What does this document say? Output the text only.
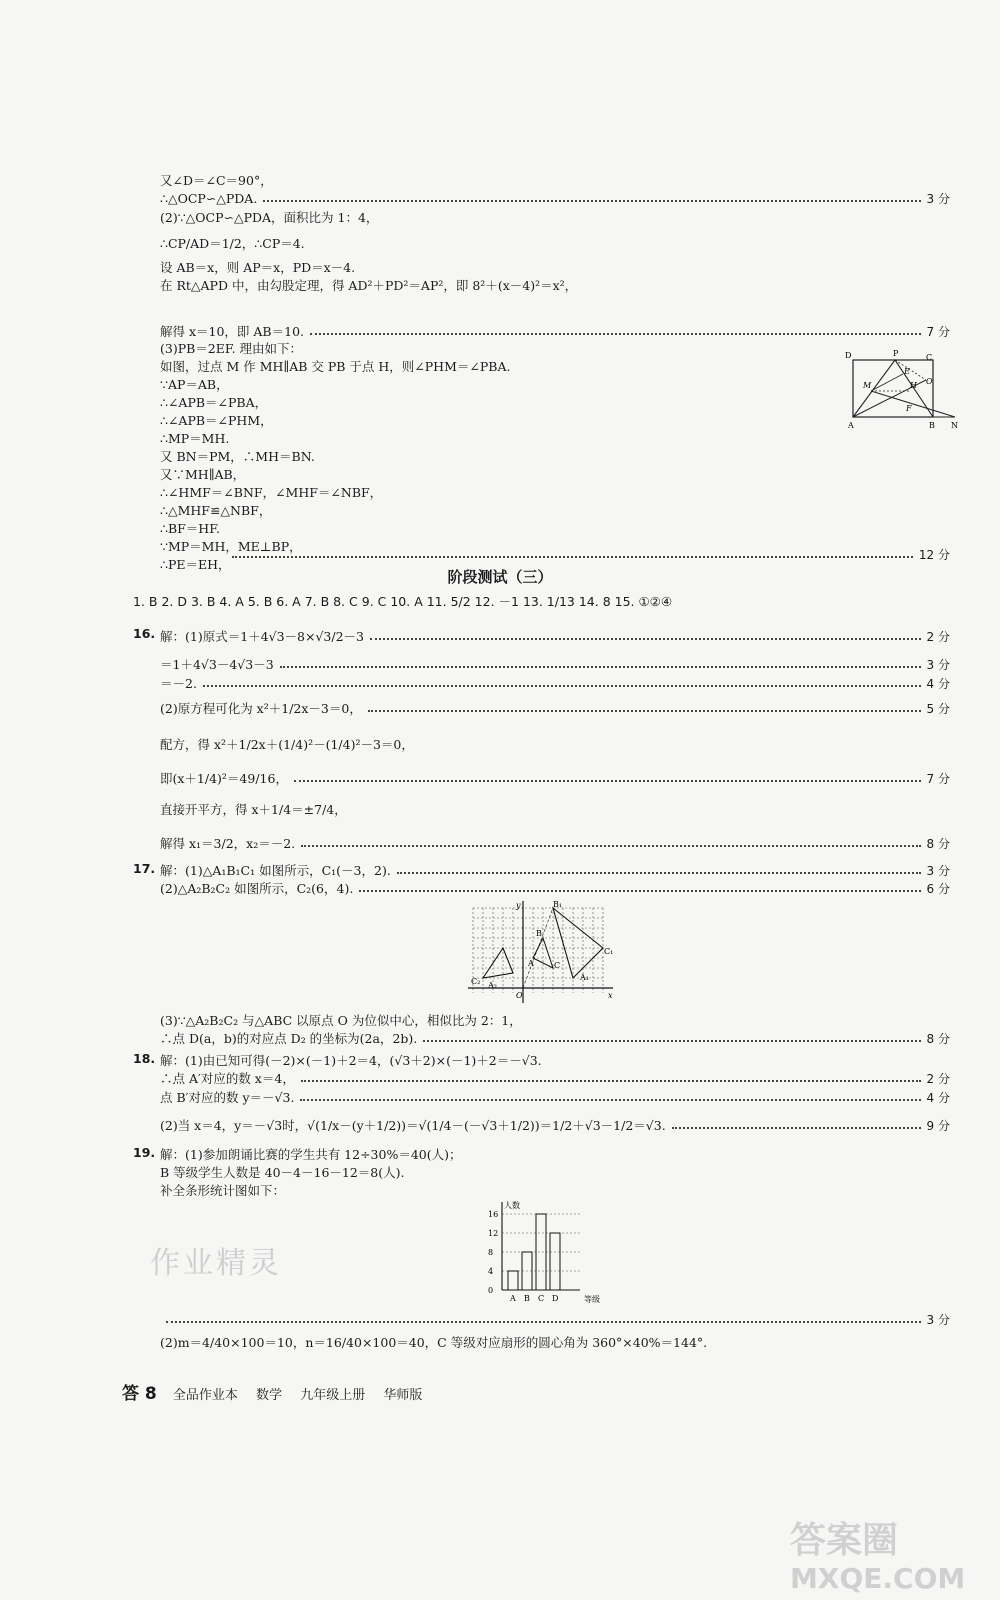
又∠D＝∠C＝90°，
∴△OCP∽△PDA.	3 分
(2)∵△OCP∽△PDA，面积比为 1：4，
∴CP/AD＝1/2，∴CP＝4.
设 AB＝x，则 AP＝x，PD＝x－4.
在 Rt△APD 中，由勾股定理，得 AD²＋PD²＝AP²，即 8²＋(x－4)²＝x²，
解得 x＝10，即 AB＝10.	7 分
(3)PB＝2EF. 理由如下：
如图，过点 M 作 MH∥AB 交 PB 于点 H，则∠PHM＝∠PBA.
∵AP＝AB，
∴∠APB＝∠PBA，
∴∠APB＝∠PHM，
∴MP＝MH.
又 BN＝PM，∴MH＝BN.
又∵MH∥AB，
∴∠HMF＝∠BNF，∠MHF＝∠NBF，
∴△MHF≌△NBF，
∴BF＝HF.
∵MP＝MH，ME⊥BP，
∴PE＝EH，
12 分
D	P	C
M
E
H O
F
A	B N
阶段测试（三）
1. B 2. D 3. B 4. A 5. B 6. A 7. B 8. C 9. C 10. A 11. 5/2 12. －1 13. 1/13 14. 8 15. ①②④
16. 解：(1)原式＝1＋4√3－8×√3/2－3	2 分
＝1＋4√3－4√3－3	3 分
＝－2.	4 分
(2)原方程可化为 x²＋1/2x－3＝0，	5 分
配方，得 x²＋1/2x＋(1/4)²－(1/4)²－3＝0，
即(x＋1/4)²＝49/16，	7 分
直接开平方，得 x＋1/4＝±7/4，
解得 x₁＝3/2，x₂＝－2.	8 分
17. 解：(1)△A₁B₁C₁ 如图所示，C₁(－3，2).	3 分
(2)△A₂B₂C₂ 如图所示，C₂(6，4).	6 分
y
x
O
B₁
C₁
C₂	A₁
A₂
B
A	C
(3)∵△A₂B₂C₂ 与△ABC 以原点 O 为位似中心，相似比为 2：1，
∴点 D(a，b)的对应点 D₂ 的坐标为(2a，2b).	8 分
18. 解：(1)由已知可得(－2)×(－1)＋2＝4，(√3＋2)×(－1)＋2＝－√3.
∴点 A′对应的数 x＝4，	2 分
点 B′对应的数 y＝－√3.	4 分
(2)当 x＝4，y＝－√3时，√(1/x－(y＋1/2))＝√(1/4－(－√3＋1/2))＝1/2＋√3－1/2＝√3.	9 分
19. 解：(1)参加朗诵比赛的学生共有 12÷30%＝40(人)；
B 等级学生人数是 40－4－16－12＝8(人).
补全条形统计图如下：
0
4
8
12
16
A B C D
人数
等级
3 分
(2)m＝4/40×100＝10，n＝16/40×100＝40，C 等级对应扇形的圆心角为 360°×40%＝144°.
答 8 全品作业本 数学 九年级上册 华师版
作业精灵
答案圈
MXQE.COM
